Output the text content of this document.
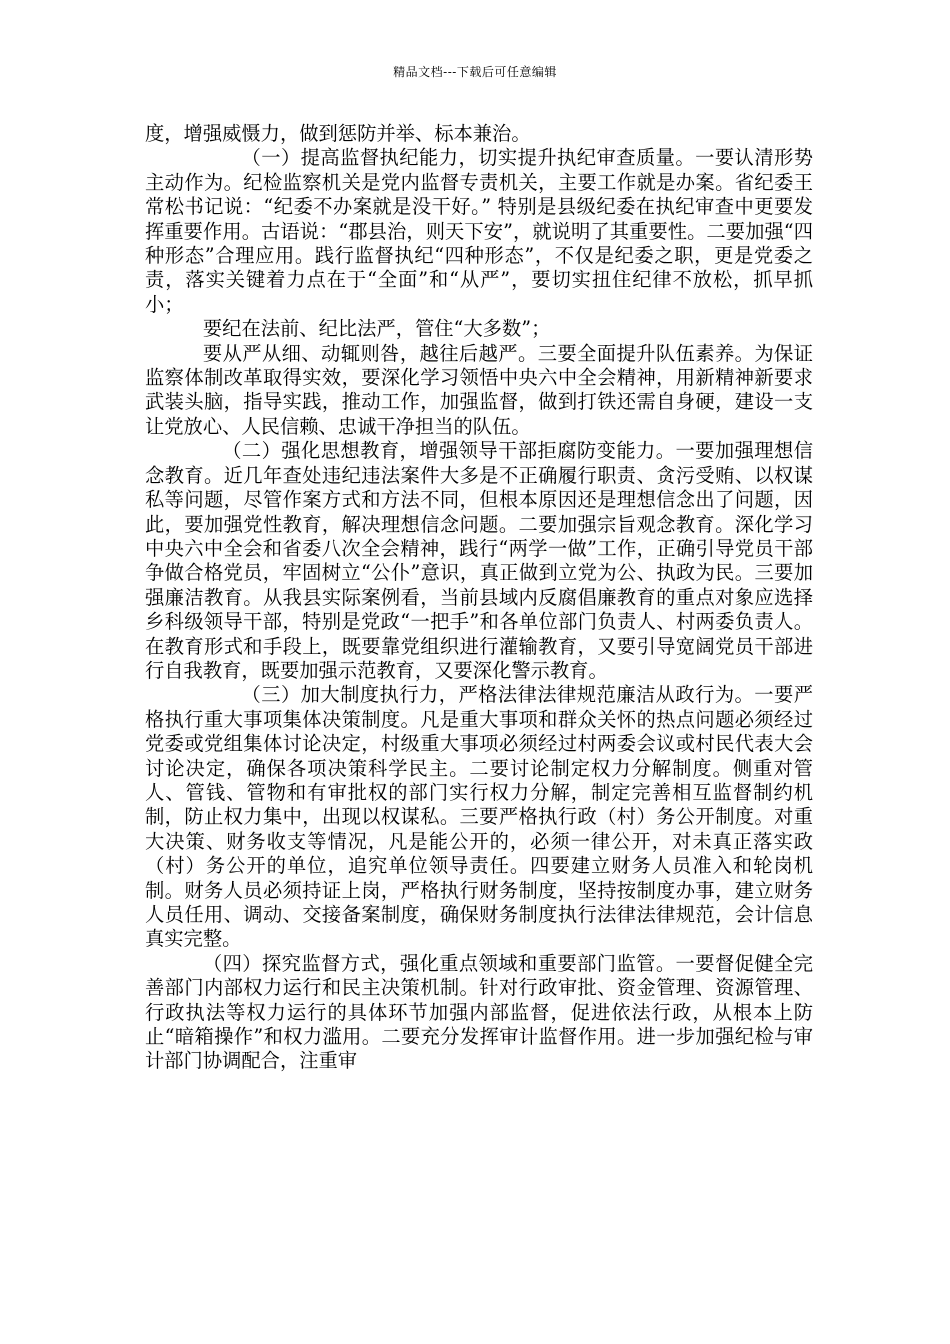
精品文档---下载后可任意编辑

度，增强威慑力，做到惩防并举、标本兼治。

（一）提高监督执纪能力，切实提升执纪审查质量。一要认清形势主动作为。纪检监察机关是党内监督专责机关，主要工作就是办案。省纪委王常松书记说：“纪委不办案就是没干好。” 特别是县级纪委在执纪审查中更要发挥重要作用。古语说：“郡县治，则天下安”，就说明了其重要性。二要加强“四种形态”合理应用。践行监督执纪“四种形态”，不仅是纪委之职，更是党委之责，落实关键着力点在于“全面”和“从严”，要切实扭住纪律不放松，抓早抓小；

要纪在法前、纪比法严，管住“大多数”；

要从严从细、动辄则咎，越往后越严。三要全面提升队伍素养。为保证监察体制改革取得实效，要深化学习领悟中央六中全会精神，用新精神新要求武装头脑，指导实践，推动工作，加强监督，做到打铁还需自身硬，建设一支让党放心、人民信赖、忠诚干净担当的队伍。

（二）强化思想教育，增强领导干部拒腐防变能力。一要加强理想信念教育。近几年查处违纪违法案件大多是不正确履行职责、贪污受贿、以权谋私等问题，尽管作案方式和方法不同，但根本原因还是理想信念出了问题，因此，要加强党性教育，解决理想信念问题。二要加强宗旨观念教育。深化学习中央六中全会和省委八次全会精神，践行“两学一做”工作，正确引导党员干部争做合格党员，牢固树立“公仆”意识，真正做到立党为公、执政为民。三要加强廉洁教育。从我县实际案例看，当前县域内反腐倡廉教育的重点对象应选择乡科级领导干部，特别是党政“一把手”和各单位部门负责人、村两委负责人。在教育形式和手段上，既要靠党组织进行灌输教育，又要引导宽阔党员干部进行自我教育，既要加强示范教育，又要深化警示教育。

（三）加大制度执行力，严格法律法律规范廉洁从政行为。一要严格执行重大事项集体决策制度。凡是重大事项和群众关怀的热点问题必须经过党委或党组集体讨论决定，村级重大事项必须经过村两委会议或村民代表大会讨论决定，确保各项决策科学民主。二要讨论制定权力分解制度。侧重对管人、管钱、管物和有审批权的部门实行权力分解，制定完善相互监督制约机制，防止权力集中，出现以权谋私。三要严格执行政（村）务公开制度。对重大决策、财务收支等情况，凡是能公开的，必须一律公开，对未真正落实政（村）务公开的单位，追究单位领导责任。四要建立财务人员准入和轮岗机制。财务人员必须持证上岗，严格执行财务制度，坚持按制度办事，建立财务人员任用、调动、交接备案制度，确保财务制度执行法律法律规范，会计信息真实完整。

（四）探究监督方式，强化重点领域和重要部门监管。一要督促健全完善部门内部权力运行和民主决策机制。针对行政审批、资金管理、资源管理、行政执法等权力运行的具体环节加强内部监督，促进依法行政，从根本上防止“暗箱操作”和权力滥用。二要充分发挥审计监督作用。进一步加强纪检与审计部门协调配合，注重审
